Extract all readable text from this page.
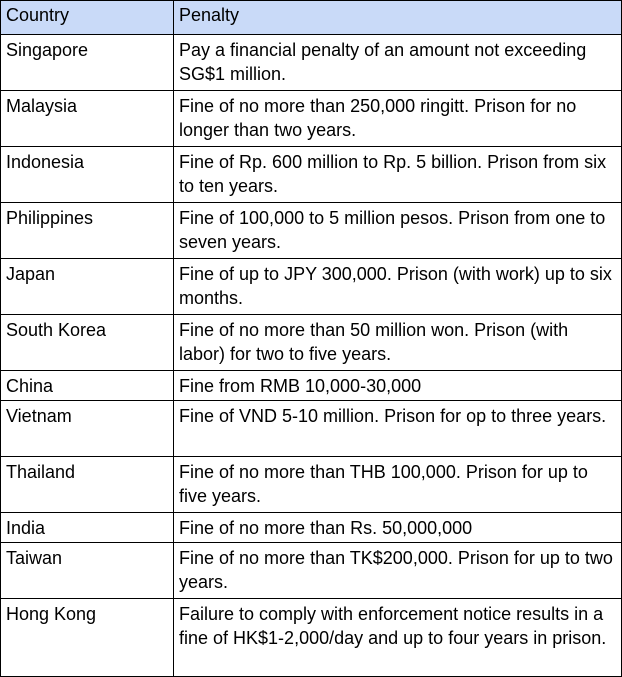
Country	Penalty
Singapore	Pay a financial penalty of an amount not exceeding SG$1 million.
Malaysia	Fine of no more than 250,000 ringitt. Prison for no longer than two years.
Indonesia	Fine of Rp. 600 million to Rp. 5 billion. Prison from six to ten years.
Philippines	Fine of 100,000 to 5 million pesos. Prison from one to seven years.
Japan	Fine of up to JPY 300,000. Prison (with work) up to six months.
South Korea	Fine of no more than 50 million won. Prison (with labor) for two to five years.
China	Fine from RMB 10,000-30,000
Vietnam	Fine of VND 5-10 million. Prison for op to three years.
Thailand	Fine of no more than THB 100,000. Prison for up to five years.
India	Fine of no more than Rs. 50,000,000
Taiwan	Fine of no more than TK$200,000. Prison for up to two years.
Hong Kong	Failure to comply with enforcement notice results in a fine of HK$1-2,000/day and up to four years in prison.
